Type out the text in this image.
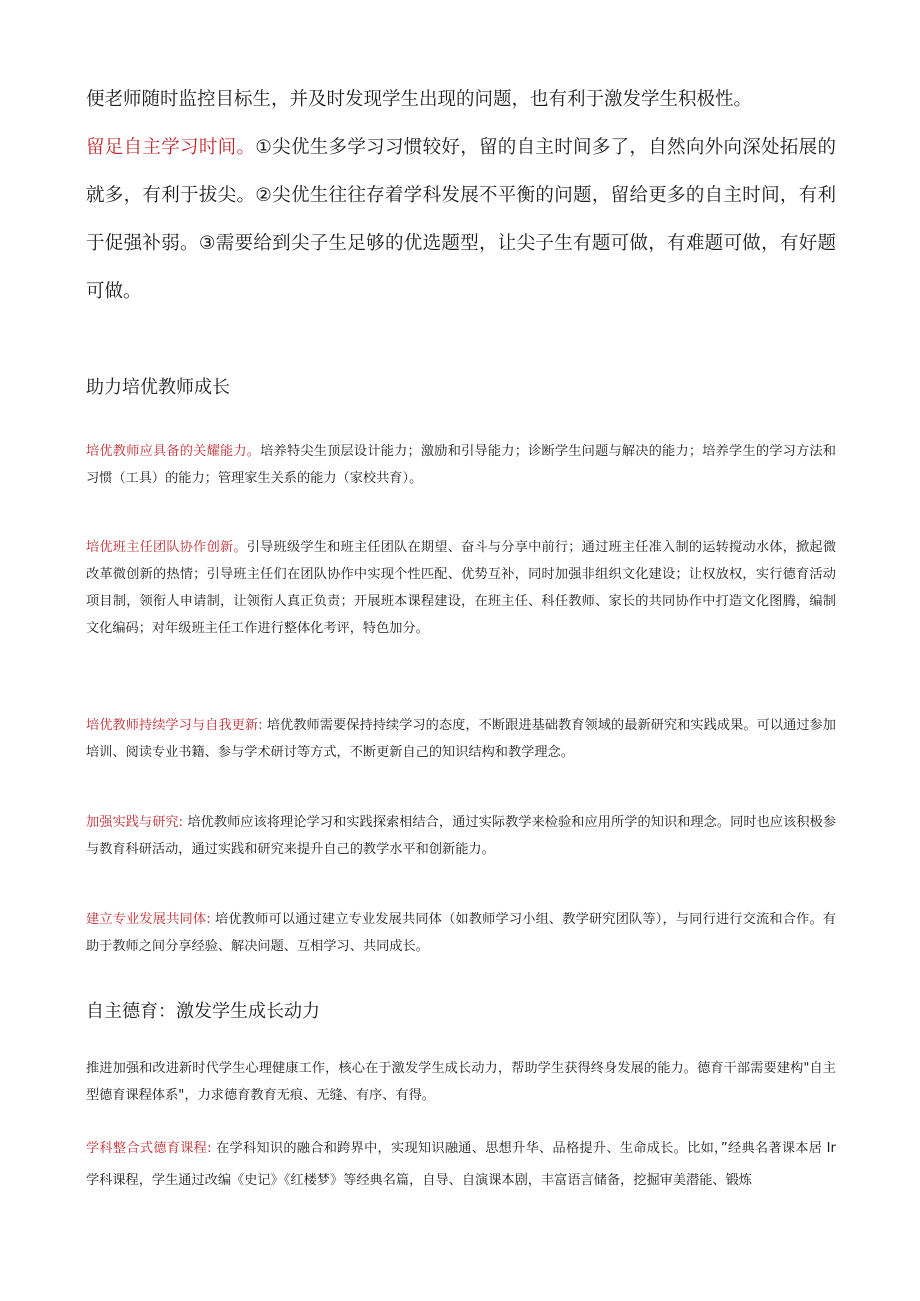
便老师随时监控目标生，并及时发现学生出现的问题，也有利于激发学生积极性。

留足自主学习时间。①尖优生多学习习惯较好，留的自主时间多了，自然向外向深处拓展的就多，有利于拔尖。②尖优生往往存着学科发展不平衡的问题，留给更多的自主时间，有利于促强补弱。③需要给到尖子生足够的优选题型，让尖子生有题可做，有难题可做，有好题可做。

助力培优教师成长

培优教师应具备的关耀能力。培养特尖生顶层设计能力；激励和引导能力；诊断学生问题与解决的能力；培养学生的学习方法和习惯（工具）的能力；管理家生关系的能力（家校共育）。

培优班主任团队协作创新。引导班级学生和班主任团队在期望、奋斗与分享中前行；通过班主任准入制的运转搅动水体，掀起微改革微创新的热情；引导班主任们在团队协作中实现个性匹配、优势互补，同时加强非组织文化建设；让权放权，实行德育活动项目制，领衔人申请制，让领衔人真正负责；开展班本课程建设，在班主任、科任教师、家长的共同协作中打造文化图腾，编制文化编码；对年级班主任工作进行整体化考评，特色加分。

培优教师持续学习与自我更新: 培优教师需要保持持续学习的态度，不断跟进基础教育领域的最新研究和实践成果。可以通过参加培训、阅读专业书籍、参与学术研讨等方式，不断更新自己的知识结构和教学理念。

加强实践与研究: 培优教师应该将理论学习和实践探索相结合，通过实际教学来检验和应用所学的知识和理念。同时也应该积极参与教育科研活动，通过实践和研究来提升自己的教学水平和创新能力。

建立专业发展共同体: 培优教师可以通过建立专业发展共同体（如教师学习小组、教学研究团队等），与同行进行交流和合作。有助于教师之间分享经验、解决问题、互相学习、共同成长。

自主德育：激发学生成长动力

推进加强和改进新时代学生心理健康工作，核心在于激发学生成长动力，帮助学生获得终身发展的能力。德育干部需要建构"自主型德育课程体系"，力求德育教育无痕、无缝、有序、有得。

学科整合式德育课程: 在学科知识的融合和跨界中，实现知识融通、思想升华、品格提升、生命成长。比如，”经典名著课本居 Ir 学科课程，学生通过改编《史记》《红楼梦》等经典名篇，自导、自演课本剧，丰富语言储备，挖掘审美潜能、锻炼
